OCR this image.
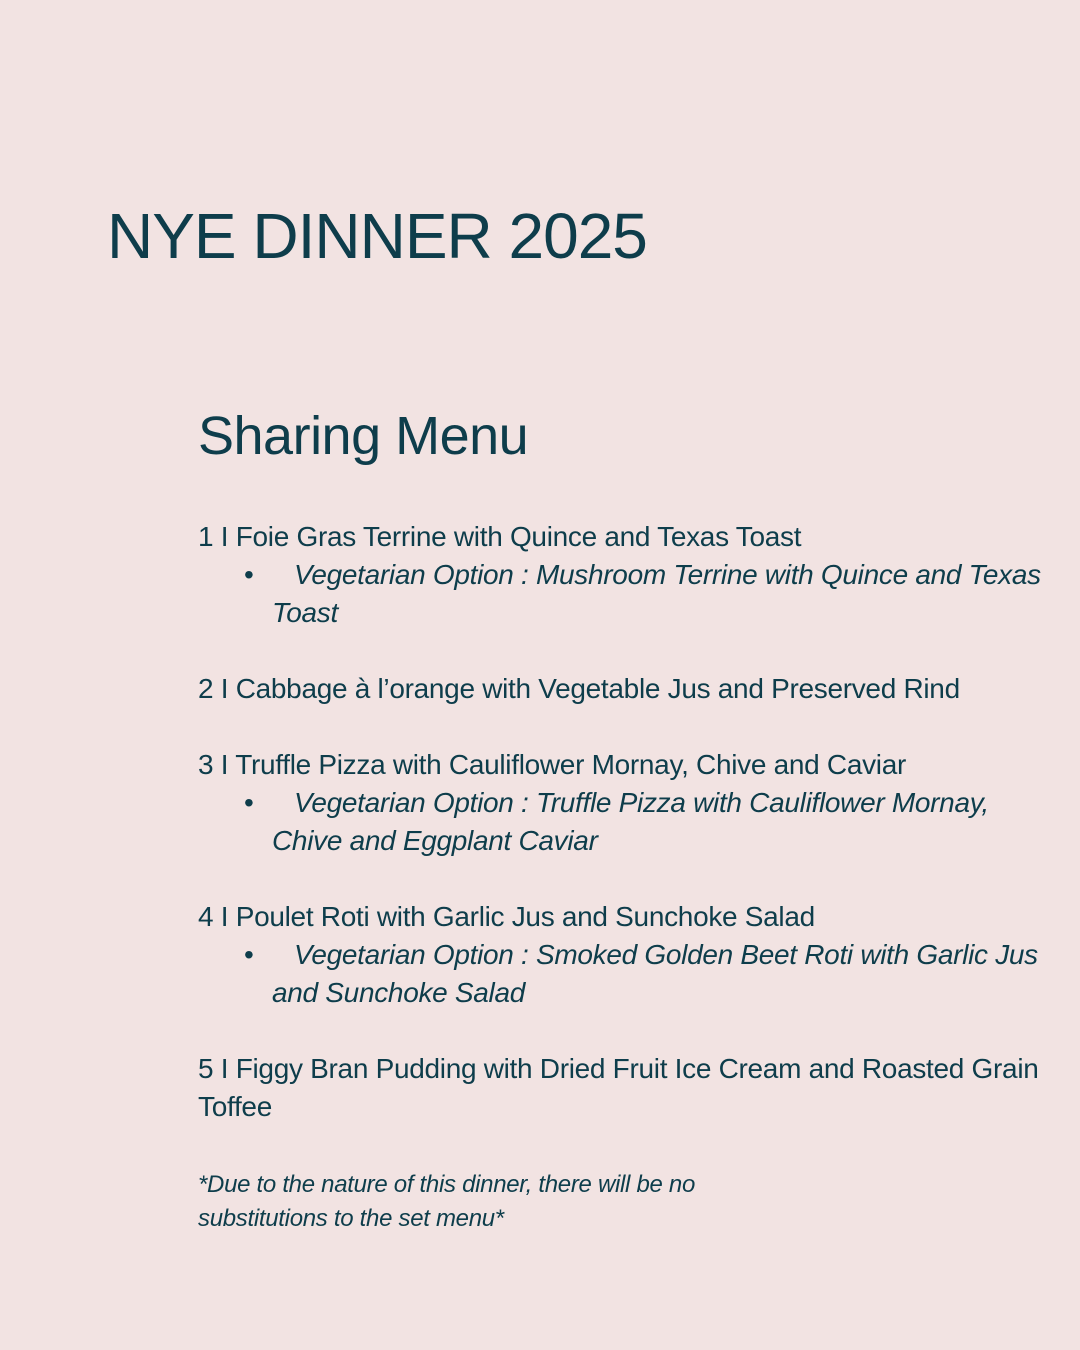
NYE DINNER 2025
Sharing Menu
1 I Foie Gras Terrine with Quince and Texas Toast
•	Vegetarian Option : Mushroom Terrine with Quince and Texas Toast
2 I Cabbage à l’orange with Vegetable Jus and Preserved Rind
3 I Truffle Pizza with Cauliflower Mornay, Chive and Caviar
•	Vegetarian Option : Truffle Pizza with Cauliflower Mornay, Chive and Eggplant Caviar
4 I Poulet Roti with Garlic Jus and Sunchoke Salad
•	Vegetarian Option : Smoked Golden Beet Roti with Garlic Jus and Sunchoke Salad
5 I Figgy Bran Pudding with Dried Fruit Ice Cream and Roasted Grain Toffee
*Due to the nature of this dinner, there will be no substitutions to the set menu*
